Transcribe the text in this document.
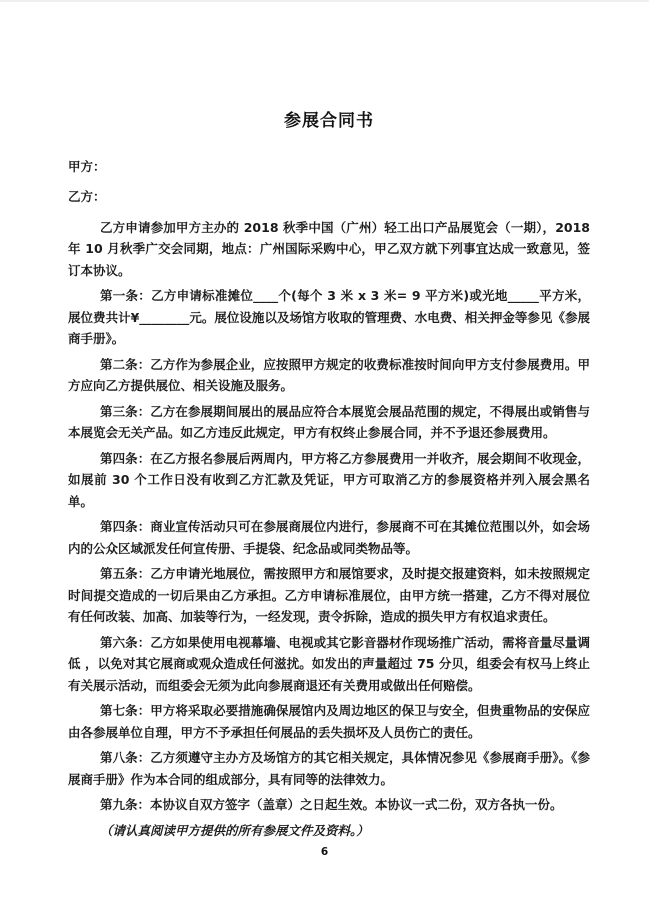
参展合同书

甲方：

乙方：

乙方申请参加甲方主办的 2018 秋季中国（广州）轻工出口产品展览会（一期），2018 年 10 月秋季广交会同期，地点：广州国际采购中心，甲乙双方就下列事宜达成一致意见，签订本协议。

第一条：乙方申请标准摊位____个(每个 3 米 x 3 米= 9 平方米)或光地_____平方米，展位费共计¥________元。展位设施以及场馆方收取的管理费、水电费、相关押金等参见《参展商手册》。

第二条：乙方作为参展企业，应按照甲方规定的收费标准按时间向甲方支付参展费用。甲方应向乙方提供展位、相关设施及服务。

第三条：乙方在参展期间展出的展品应符合本展览会展品范围的规定，不得展出或销售与本展览会无关产品。如乙方违反此规定，甲方有权终止参展合同，并不予退还参展费用。

第四条：在乙方报名参展后两周内，甲方将乙方参展费用一并收齐，展会期间不收现金，如展前 30 个工作日没有收到乙方汇款及凭证，甲方可取消乙方的参展资格并列入展会黑名单。

第四条：商业宣传活动只可在参展商展位内进行，参展商不可在其摊位范围以外，如会场内的公众区域派发任何宣传册、手提袋、纪念品或同类物品等。

第五条：乙方申请光地展位，需按照甲方和展馆要求，及时提交报建资料，如未按照规定时间提交造成的一切后果由乙方承担。乙方申请标准展位，由甲方统一搭建，乙方不得对展位有任何改装、加高、加装等行为，一经发现，责令拆除，造成的损失甲方有权追求责任。

第六条：乙方如果使用电视幕墙、电视或其它影音器材作现场推广活动，需将音量尽量调低 ，以免对其它展商或观众造成任何滋扰。如发出的声量超过 75 分贝，组委会有权马上终止有关展示活动，而组委会无须为此向参展商退还有关费用或做出任何赔偿。

第七条：甲方将采取必要措施确保展馆内及周边地区的保卫与安全，但贵重物品的安保应由各参展单位自理，甲方不予承担任何展品的丢失损坏及人员伤亡的责任。

第八条：乙方须遵守主办方及场馆方的其它相关规定，具体情况参见《参展商手册》。《参展商手册》作为本合同的组成部分，具有同等的法律效力。

第九条：本协议自双方签字（盖章）之日起生效。本协议一式二份，双方各执一份。

（请认真阅读甲方提供的所有参展文件及资料。）

6
